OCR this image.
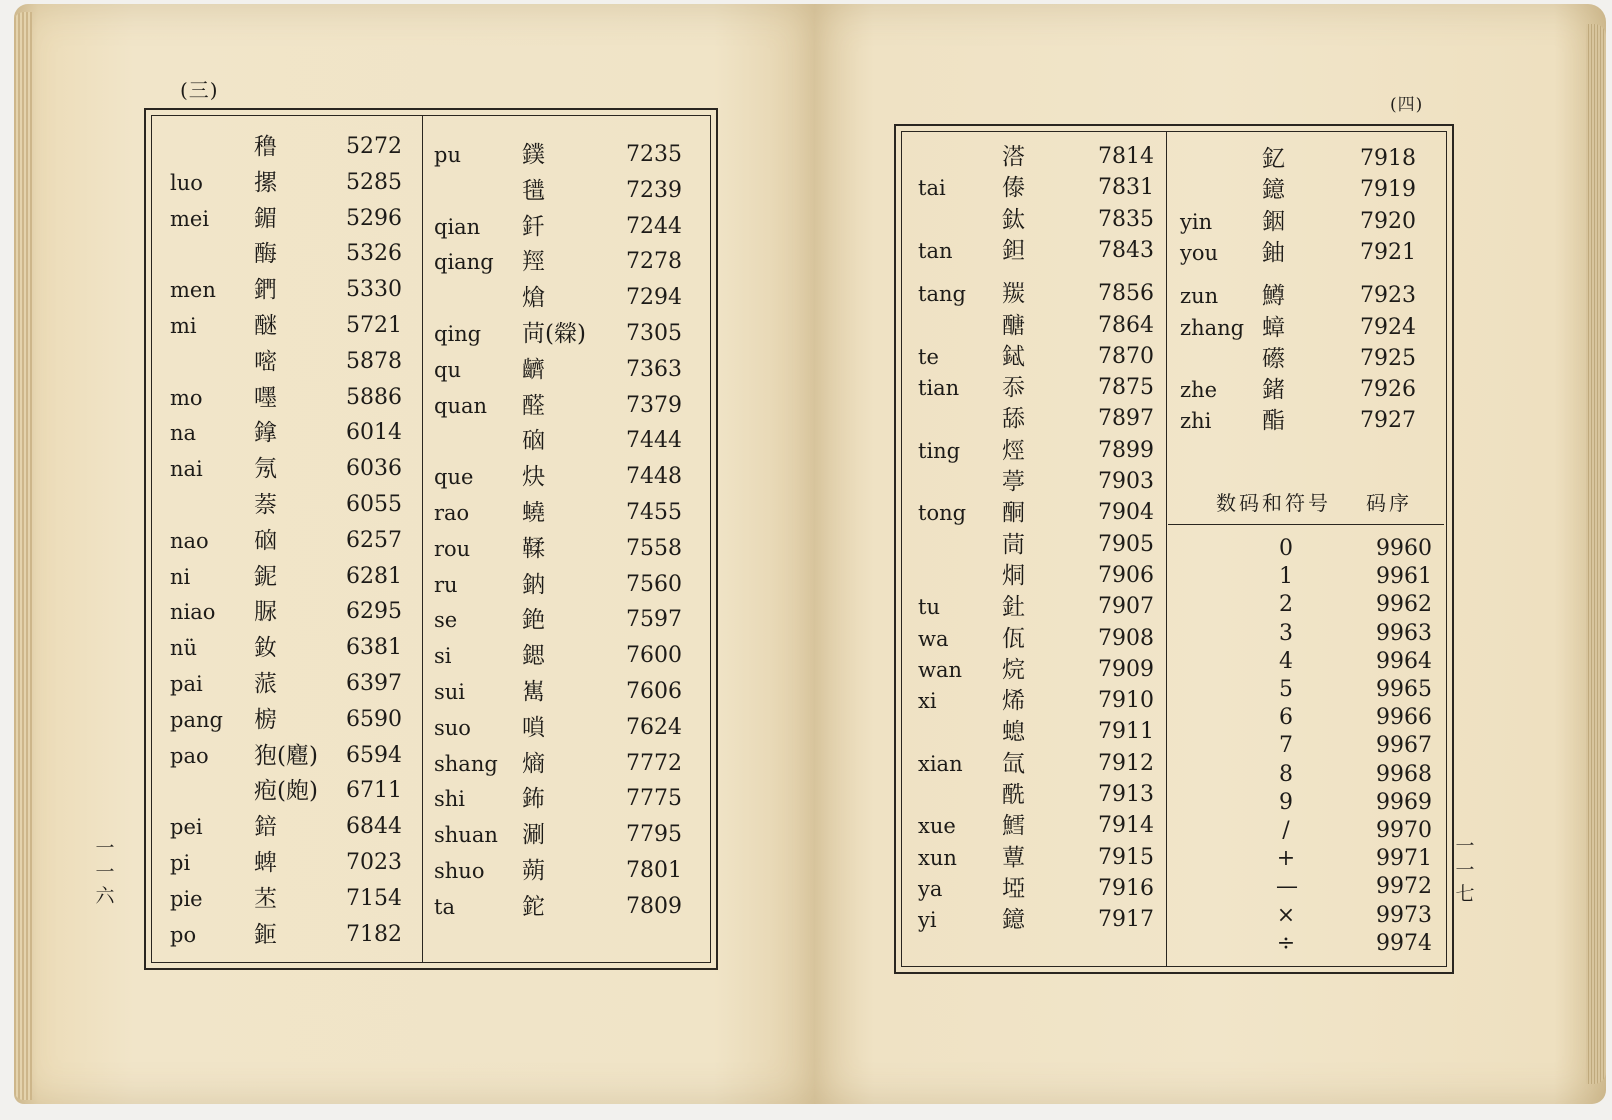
(三)
穞	5272
luo 摞	5285
mei 鎇	5296
酶	5326
men 鍆	5330
mi 醚	5721
嘧	5878
mo 嚜	5886
na	鎿	6014
nai 氖	6036
萘	6055
nao 硇	6257
ni	鈮	6281
niao 脲	6295
nü 釹	6381
pai 蒎	6397
pang 椖	6590
pao 狍(麅)	6594
疱(皰)	6711
pei 錇	6844
pi	蜱	7023
pie 苤	7154
po	鉕	7182
pu	鏷	7235
氆	7239
qian 釺	7244
qiang 羥	7278
熗	7294
qing 苘(檾)	7305
qu	䶩	7363
quan 醛	7379
硇	7444
que 炔	7448
rao 蟯	7455
rou 鞣	7558
ru	鈉	7560
se	銫	7597
si	鍶	7600
sui 嶲	7606
suo 嗩	7624
shang 熵	7772
shi 鈽	7775
shuan 涮	7795
shuo 蒴	7801
ta	鉈	7809
一
一
六
(四)
溚	7814
tai 傣	7831
鈦	7835
tan 鉭	7843
tang 羰	7856
醣	7864
te	鋱	7870
tian 忝	7875
舔	7897
ting 烴	7899
葶	7903
tong 酮	7904
茼	7905
烔	7906
tu	釷	7907
wa 佤	7908
wan 烷	7909
xi	烯	7910
螅	7911
xian 氙	7912
酰	7913
xue 鱈	7914
xun 蕈	7915
ya	埡	7916
yi	鐿	7917
釔	7918
鐿	7919
yin 銦	7920
you 鈾	7921
zun 鱒	7923
zhang 蟑	7924
礤	7925
zhe 鍺	7926
zhi 酯	7927
数码和符号 码序
0	9960
1	9961
2	9962
3	9963
4	9964
5	9965
6	9966
7	9967
8	9968
9	9969
/	9970
+	9971
—	9972
×	9973
÷	9974
一
一
七
